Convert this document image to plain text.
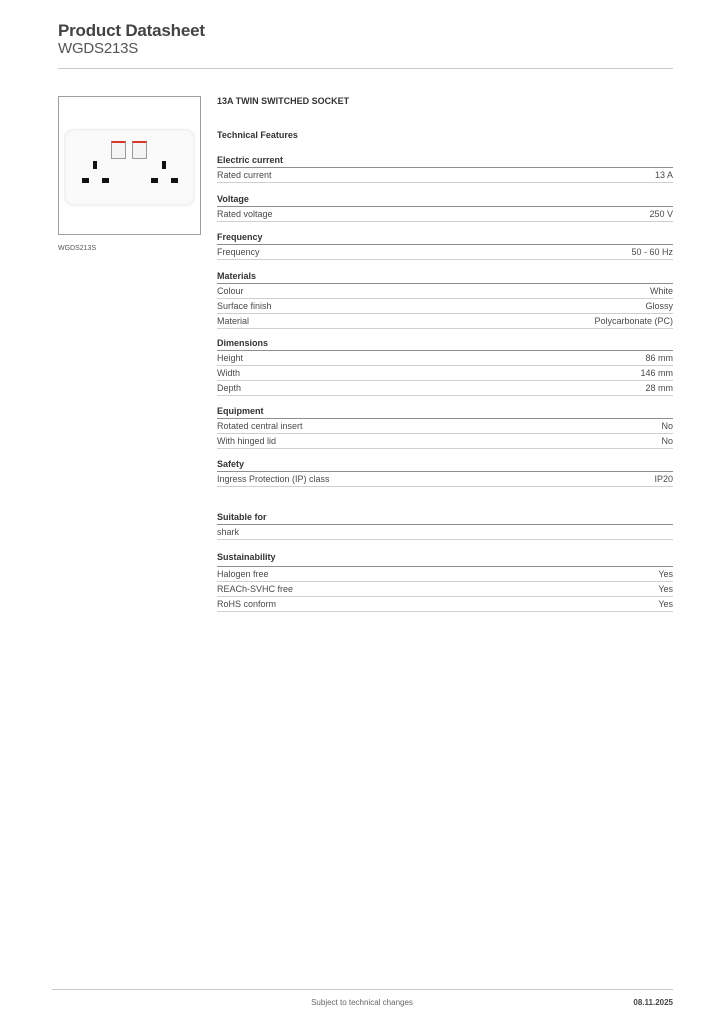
Product Datasheet
WGDS213S
WGDS213S
13A TWIN SWITCHED SOCKET
Technical Features
Electric current
Rated current	13 A
Voltage
Rated voltage	250 V
Frequency
Frequency	50 - 60 Hz
Materials
Colour	White
Surface finish	Glossy
Material	Polycarbonate (PC)
Dimensions
Height	86 mm
Width	146 mm
Depth	28 mm
Equipment
Rotated central insert	No
With hinged lid	No
Safety
Ingress Protection (IP) class	IP20
Suitable for
shark
Sustainability
Halogen free	Yes
REACh-SVHC free	Yes
RoHS conform	Yes
Subject to technical changes	08.11.2025
